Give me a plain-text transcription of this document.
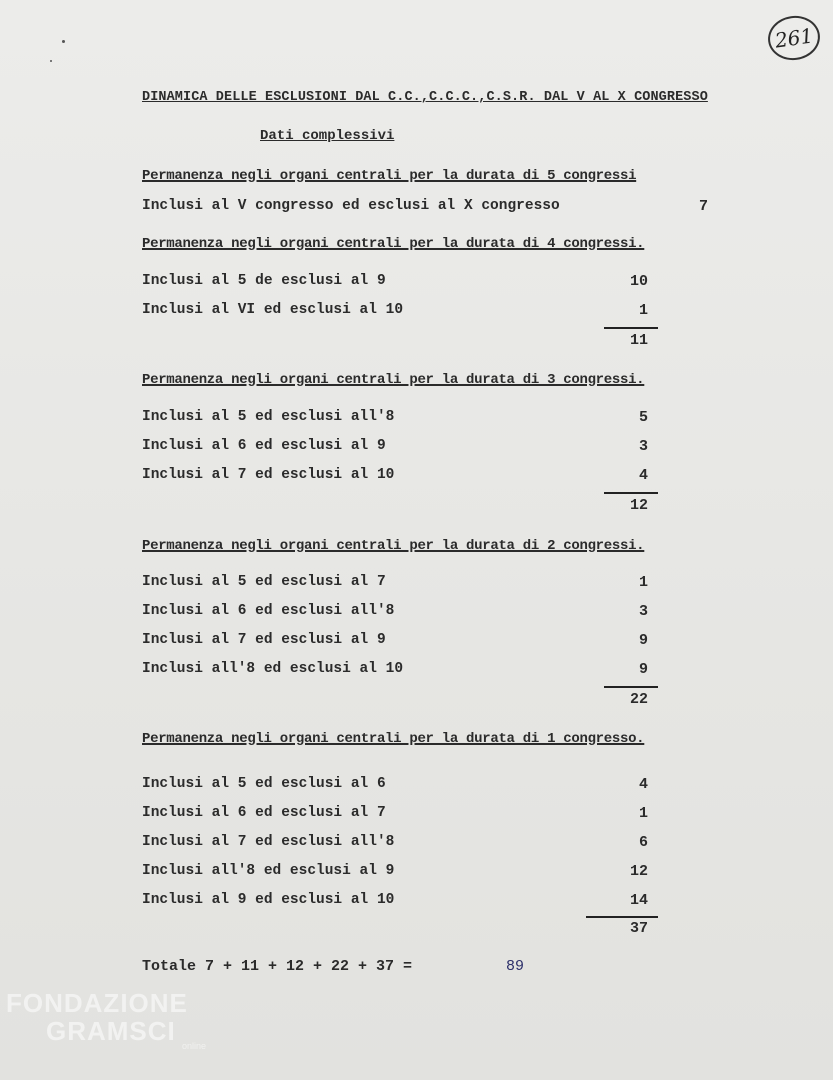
261
DINAMICA DELLE ESCLUSIONI DAL C.C.,C.C.C.,C.S.R. DAL V AL X CONGRESSO
Dati complessivi
Permanenza negli organi centrali per la durata di 5 congressi
Inclusi al V congresso ed esclusi al X congresso	7
Permanenza negli organi centrali per la durata di 4 congressi.
Inclusi al 5 de esclusi al 9	10
Inclusi al VI ed esclusi al 10	1
11
Permanenza negli organi centrali per la durata di 3 congressi.
Inclusi al 5 ed esclusi all'8	5
Inclusi al 6 ed esclusi al 9	3
Inclusi al 7 ed esclusi al 10	4
12
Permanenza negli organi centrali per la durata di 2 congressi.
Inclusi al 5 ed esclusi al 7	1
Inclusi al 6 ed esclusi all'8	3
Inclusi al 7 ed esclusi al 9	9
Inclusi all'8 ed esclusi al 10	9
22
Permanenza negli organi centrali per la durata di 1 congresso.
Inclusi al 5 ed esclusi al 6	4
Inclusi al 6 ed esclusi al 7	1
Inclusi al 7 ed esclusi all'8	6
Inclusi all'8 ed esclusi al 9	12
Inclusi al 9 ed esclusi al 10	14
37
Totale 7 + 11 + 12 + 22 + 37 =	89
FONDAZIONE
GRAMSCI online
